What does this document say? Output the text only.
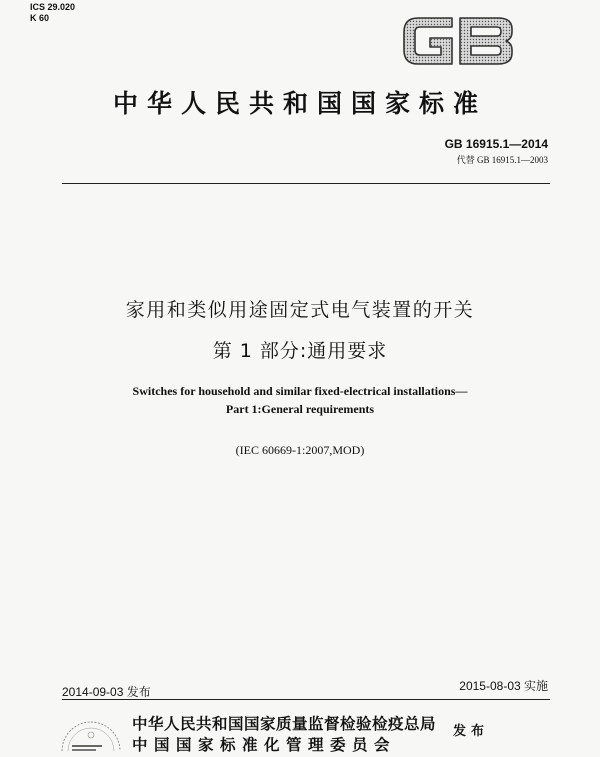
ICS 29.020
K 60
中华人民共和国国家标准
GB 16915.1—2014
代替 GB 16915.1—2003
家用和类似用途固定式电气装置的开关
第 1 部分:通用要求
Switches for household and similar fixed-electrical installations—
Part 1:General requirements
(IEC 60669-1:2007,MOD)
2014-09-03 发布	2015-08-03 实施
中华人民共和国国家质量监督检验检疫总局
中国国家标准化管理委员会
发布
